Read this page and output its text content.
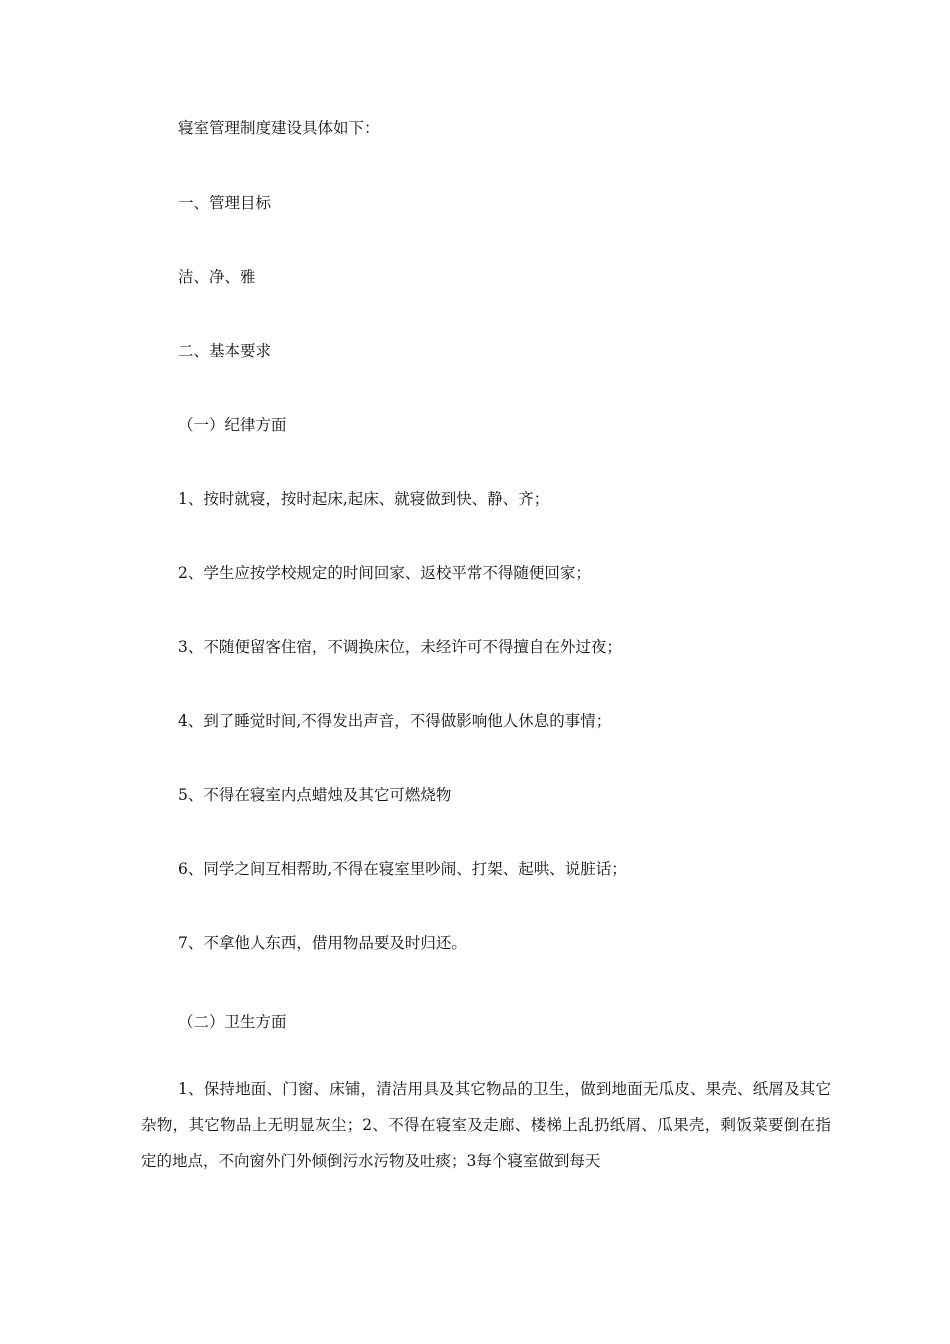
寝室管理制度建设具体如下：
一、管理目标
洁、净、雅
二、基本要求
（一）纪律方面
1、按时就寝，按时起床,起床、就寝做到快、静、齐；
2、学生应按学校规定的时间回家、返校平常不得随便回家；
3、不随便留客住宿，不调换床位，未经许可不得擅自在外过夜；
4、到了睡觉时间,不得发出声音，不得做影响他人休息的事情；
5、不得在寝室内点蜡烛及其它可燃烧物
6、同学之间互相帮助,不得在寝室里吵闹、打架、起哄、说脏话；
7、不拿他人东西，借用物品要及时归还。
（二）卫生方面
1、保持地面、门窗、床铺，清洁用具及其它物品的卫生，做到地面无瓜皮、果壳、纸屑及其它杂物，其它物品上无明显灰尘；2、不得在寝室及走廊、楼梯上乱扔纸屑、瓜果壳，剩饭菜要倒在指定的地点，不向窗外门外倾倒污水污物及吐痰；3每个寝室做到每天
